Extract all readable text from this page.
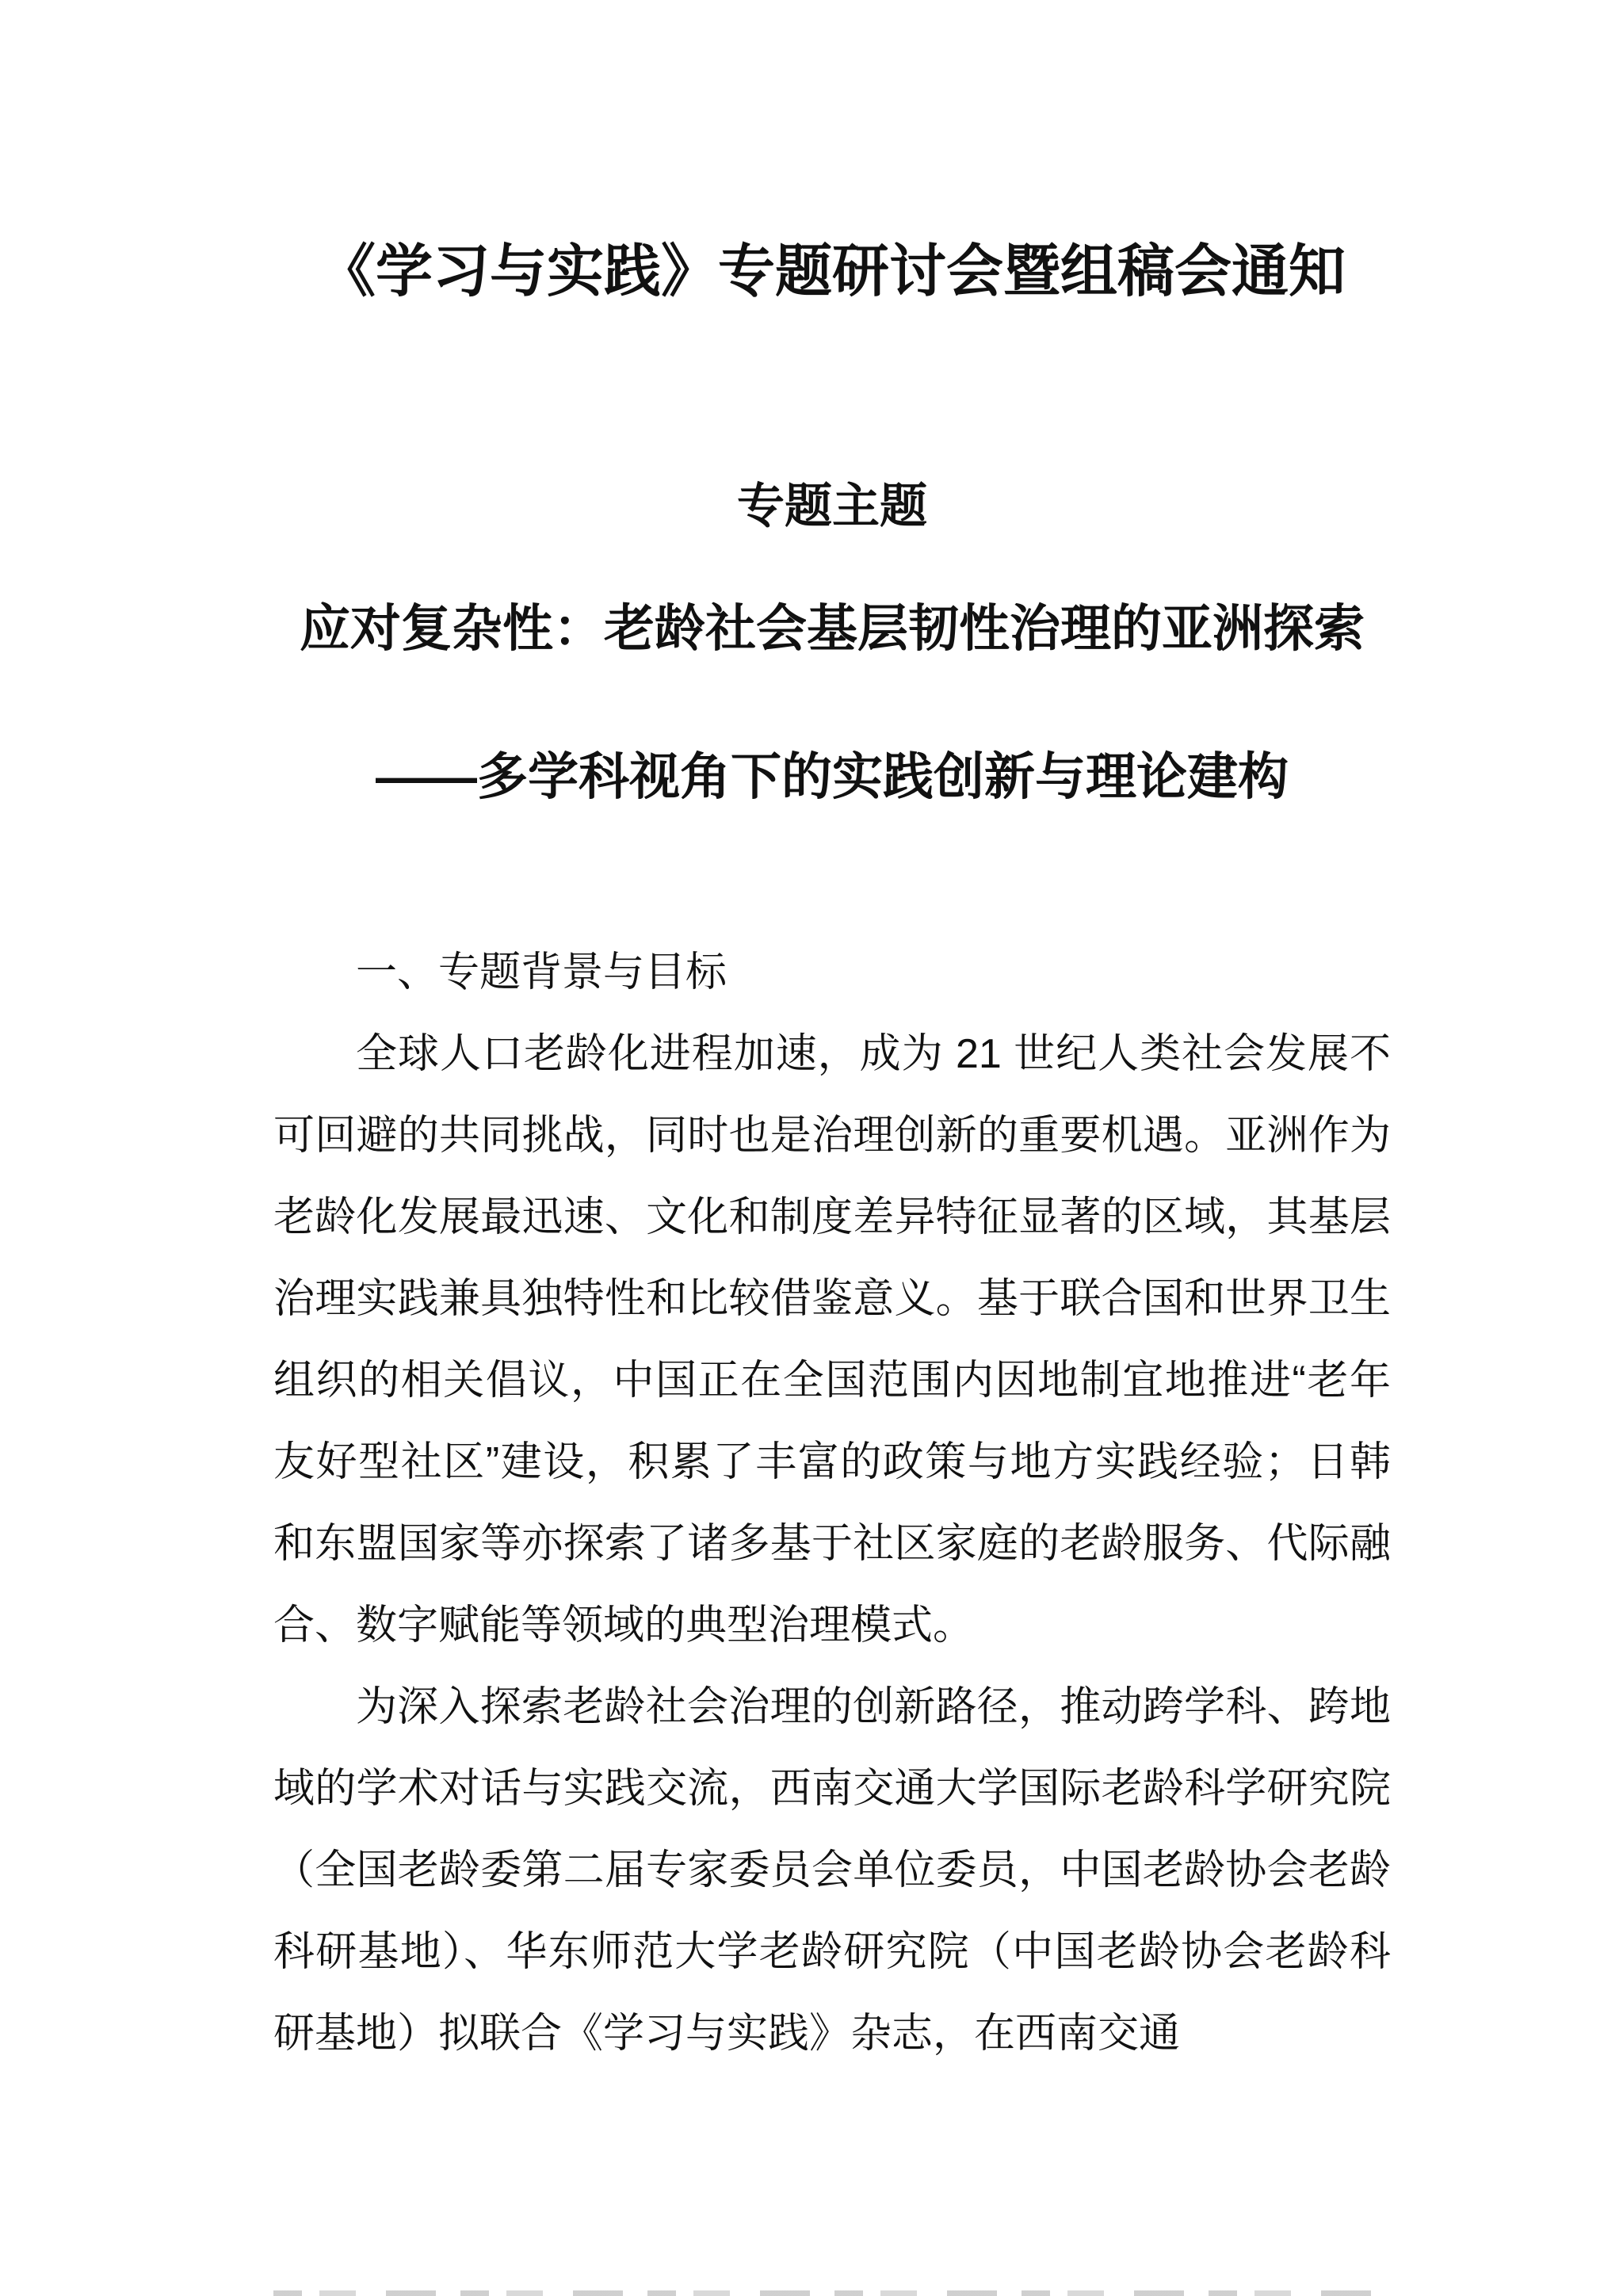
《学习与实践》专题研讨会暨组稿会通知
专题主题
应对复杂性：老龄社会基层韧性治理的亚洲探索
——多学科视角下的实践创新与理论建构
一、专题背景与目标

全球人口老龄化进程加速，成为 21 世纪人类社会发展不可回避的共同挑战，同时也是治理创新的重要机遇。亚洲作为老龄化发展最迅速、文化和制度差异特征显著的区域，其基层治理实践兼具独特性和比较借鉴意义。基于联合国和世界卫生组织的相关倡议，中国正在全国范围内因地制宜地推进“老年友好型社区”建设，积累了丰富的政策与地方实践经验；日韩和东盟国家等亦探索了诸多基于社区家庭的老龄服务、代际融合、数字赋能等领域的典型治理模式。

为深入探索老龄社会治理的创新路径，推动跨学科、跨地域的学术对话与实践交流，西南交通大学国际老龄科学研究院（全国老龄委第二届专家委员会单位委员，中国老龄协会老龄科研基地）、华东师范大学老龄研究院（中国老龄协会老龄科研基地）拟联合《学习与实践》杂志，在西南交通
